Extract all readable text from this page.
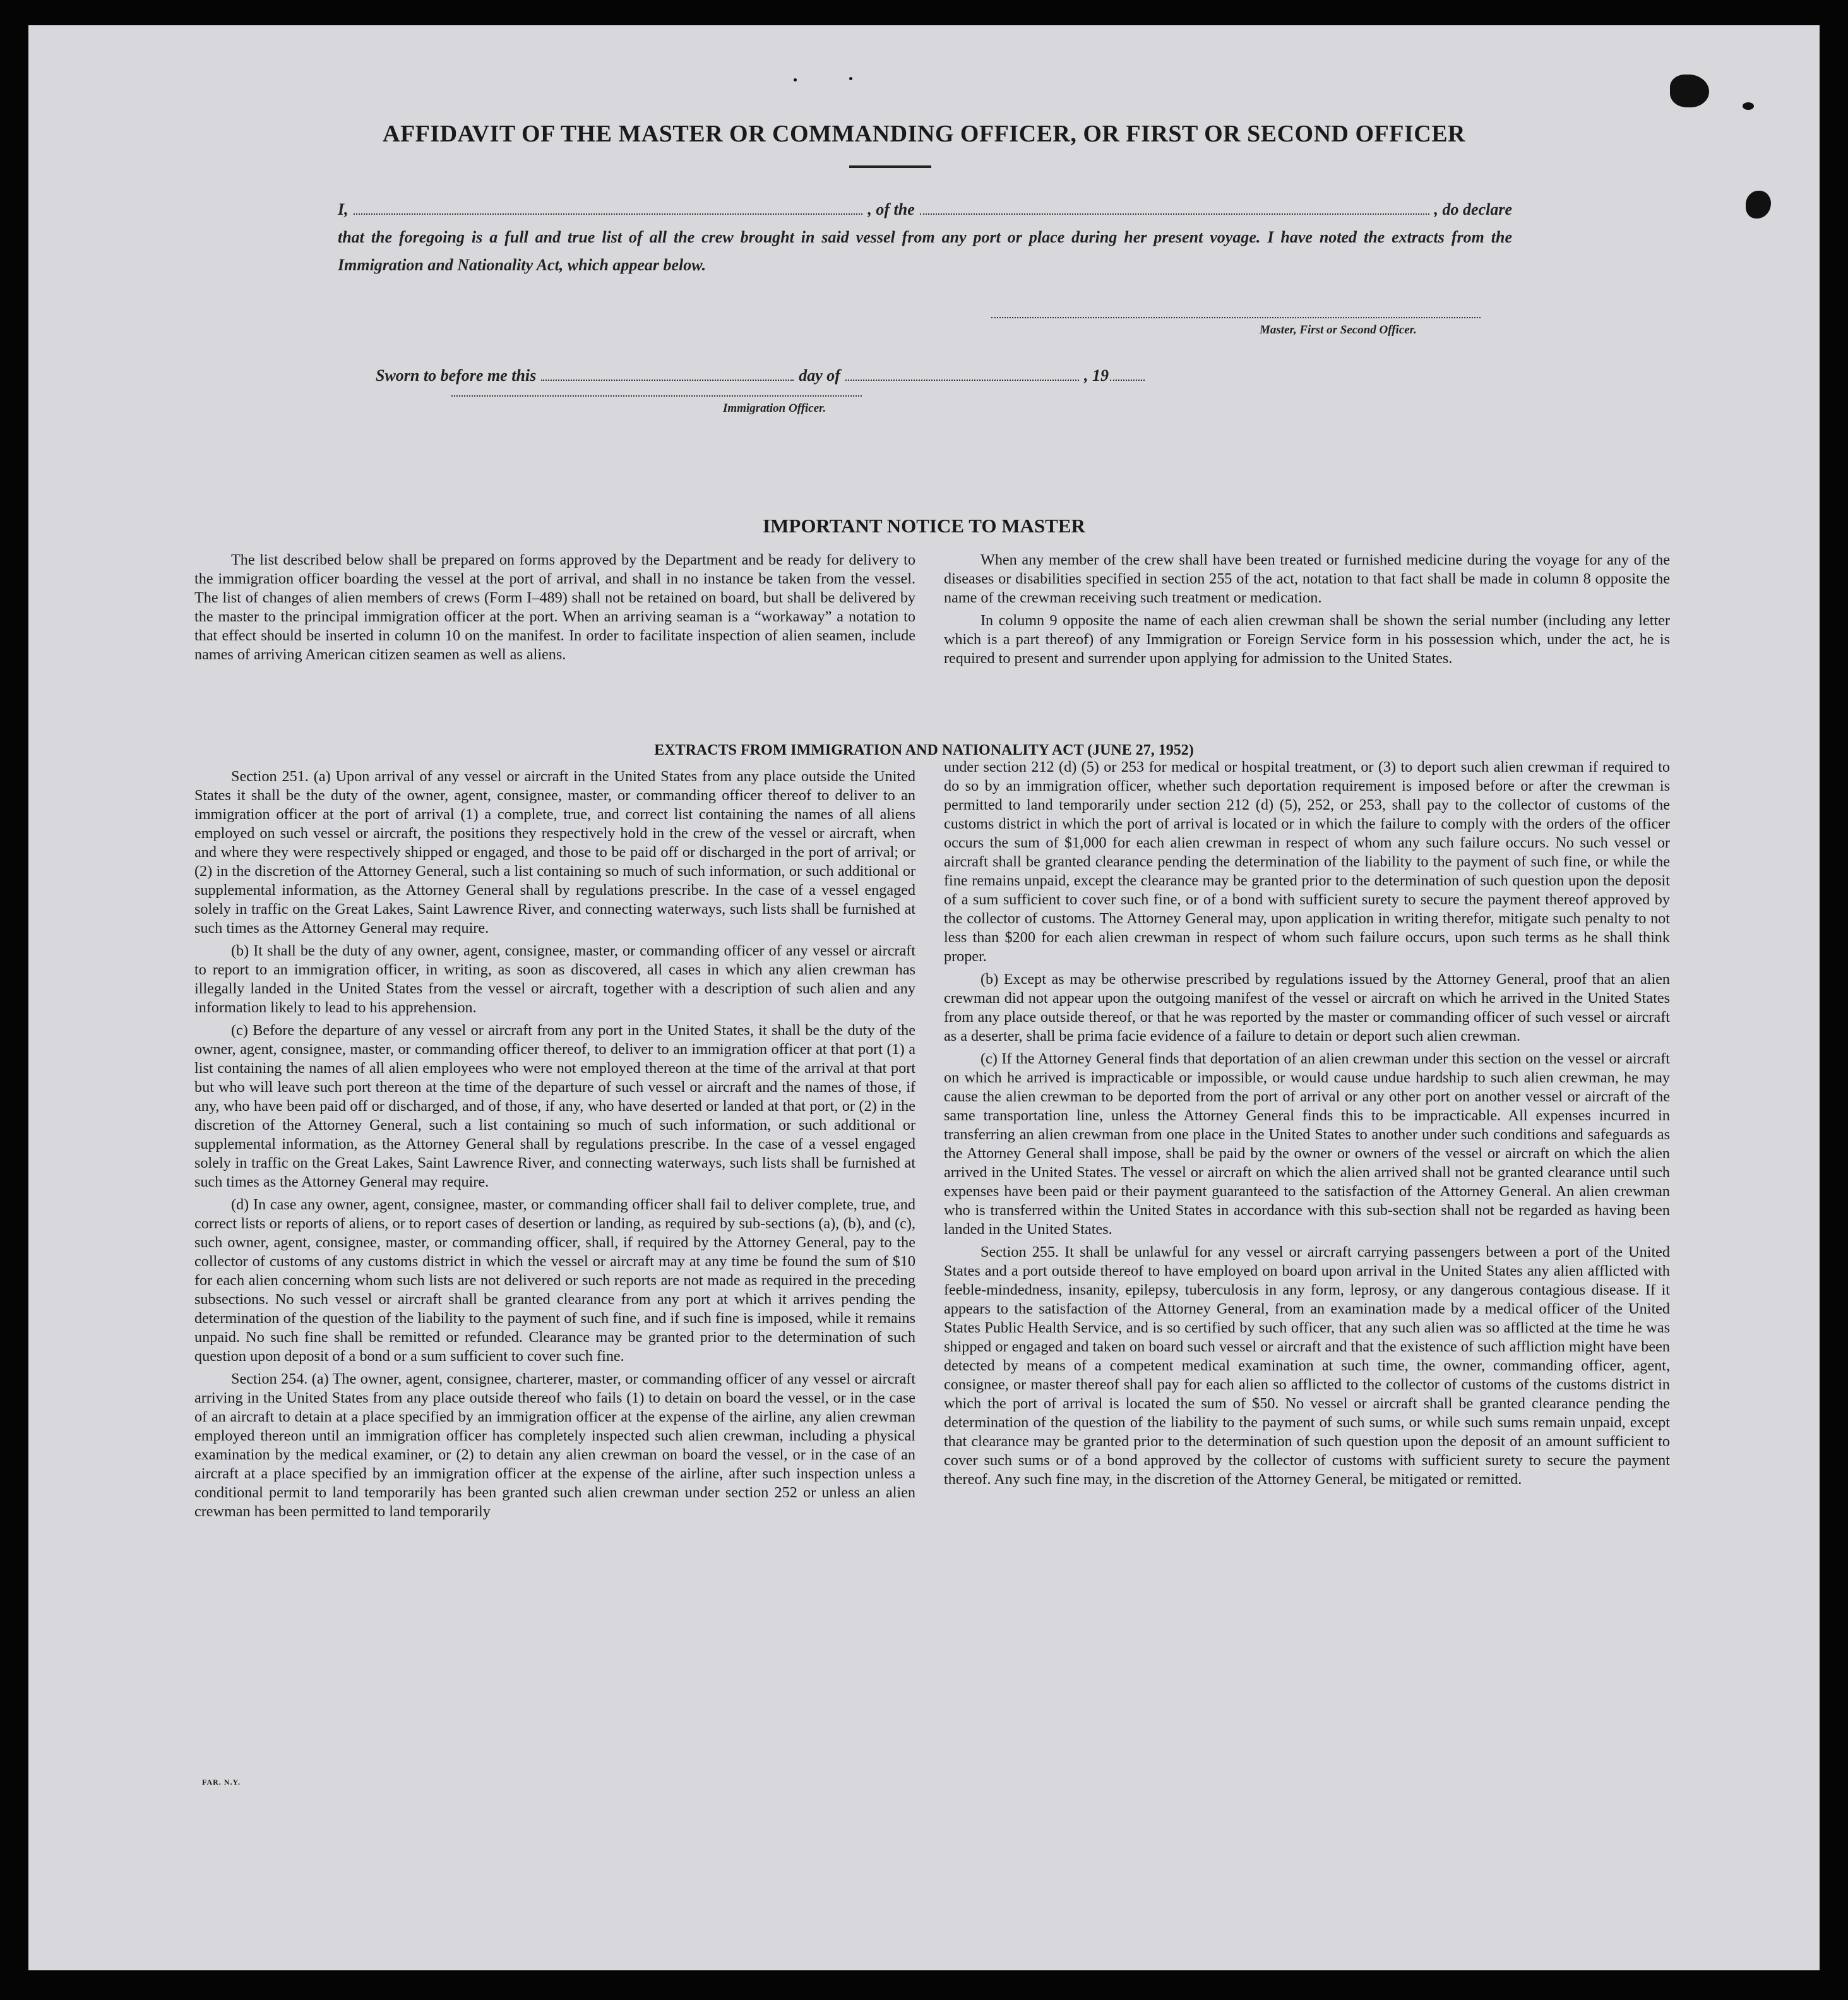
AFFIDAVIT OF THE MASTER OR COMMANDING OFFICER, OR FIRST OR SECOND OFFICER
I,	, of the	, do declare
that the foregoing is a full and true list of all the crew brought in said vessel from any port or place during her present voyage. I have noted the extracts from the Immigration and Nationality Act, which appear below.
Master, First or Second Officer.
Sworn to before me this	day of	, 19
Immigration Officer.
IMPORTANT NOTICE TO MASTER

The list described below shall be prepared on forms approved by the Department and be ready for delivery to the immigration officer boarding the vessel at the port of arrival, and shall in no instance be taken from the vessel. The list of changes of alien members of crews (Form I–489) shall not be retained on board, but shall be delivered by the master to the principal immigration officer at the port. When an arriving seaman is a “workaway” a notation to that effect should be inserted in column 10 on the manifest. In order to facilitate inspection of alien seamen, include names of arriving American citizen seamen as well as aliens.

When any member of the crew shall have been treated or furnished medicine during the voyage for any of the diseases or disabilities specified in section 255 of the act, notation to that fact shall be made in column 8 opposite the name of the crewman receiving such treatment or medication.

In column 9 opposite the name of each alien crewman shall be shown the serial number (including any letter which is a part thereof) of any Immigration or Foreign Service form in his possession which, under the act, he is required to present and surrender upon applying for admission to the United States.

EXTRACTS FROM IMMIGRATION AND NATIONALITY ACT (JUNE 27, 1952)

Section 251. (a) Upon arrival of any vessel or aircraft in the United States from any place outside the United States it shall be the duty of the owner, agent, consignee, master, or commanding officer thereof to deliver to an immigration officer at the port of arrival (1) a complete, true, and correct list containing the names of all aliens employed on such vessel or aircraft, the positions they respectively hold in the crew of the vessel or aircraft, when and where they were respectively shipped or engaged, and those to be paid off or discharged in the port of arrival; or (2) in the discretion of the Attorney General, such a list containing so much of such information, or such additional or supplemental information, as the Attorney General shall by regulations prescribe. In the case of a vessel engaged solely in traffic on the Great Lakes, Saint Lawrence River, and connecting waterways, such lists shall be furnished at such times as the Attorney General may require.

(b) It shall be the duty of any owner, agent, consignee, master, or commanding officer of any vessel or aircraft to report to an immigration officer, in writing, as soon as discovered, all cases in which any alien crewman has illegally landed in the United States from the vessel or aircraft, together with a description of such alien and any information likely to lead to his apprehension.

(c) Before the departure of any vessel or aircraft from any port in the United States, it shall be the duty of the owner, agent, consignee, master, or commanding officer thereof, to deliver to an immigration officer at that port (1) a list containing the names of all alien employees who were not employed thereon at the time of the arrival at that port but who will leave such port thereon at the time of the departure of such vessel or aircraft and the names of those, if any, who have been paid off or discharged, and of those, if any, who have deserted or landed at that port, or (2) in the discretion of the Attorney General, such a list containing so much of such information, or such additional or supplemental information, as the Attorney General shall by regulations prescribe. In the case of a vessel engaged solely in traffic on the Great Lakes, Saint Lawrence River, and connecting waterways, such lists shall be furnished at such times as the Attorney General may require.

(d) In case any owner, agent, consignee, master, or commanding officer shall fail to deliver complete, true, and correct lists or reports of aliens, or to report cases of desertion or landing, as required by sub-sections (a), (b), and (c), such owner, agent, consignee, master, or commanding officer, shall, if required by the Attorney General, pay to the collector of customs of any customs district in which the vessel or aircraft may at any time be found the sum of $10 for each alien concerning whom such lists are not delivered or such reports are not made as required in the preceding subsections. No such vessel or aircraft shall be granted clearance from any port at which it arrives pending the determination of the question of the liability to the payment of such fine, and if such fine is imposed, while it remains unpaid. No such fine shall be remitted or refunded. Clearance may be granted prior to the determination of such question upon deposit of a bond or a sum sufficient to cover such fine.

Section 254. (a) The owner, agent, consignee, charterer, master, or commanding officer of any vessel or aircraft arriving in the United States from any place outside thereof who fails (1) to detain on board the vessel, or in the case of an aircraft to detain at a place specified by an immigration officer at the expense of the airline, any alien crewman employed thereon until an immigration officer has completely inspected such alien crewman, including a physical examination by the medical examiner, or (2) to detain any alien crewman on board the vessel, or in the case of an aircraft at a place specified by an immigration officer at the expense of the airline, after such inspection unless a conditional permit to land temporarily has been granted such alien crewman under section 252 or unless an alien crewman has been permitted to land temporarily

under section 212 (d) (5) or 253 for medical or hospital treatment, or (3) to deport such alien crewman if required to do so by an immigration officer, whether such deportation requirement is imposed before or after the crewman is permitted to land temporarily under section 212 (d) (5), 252, or 253, shall pay to the collector of customs of the customs district in which the port of arrival is located or in which the failure to comply with the orders of the officer occurs the sum of $1,000 for each alien crewman in respect of whom any such failure occurs. No such vessel or aircraft shall be granted clearance pending the determination of the liability to the payment of such fine, or while the fine remains unpaid, except the clearance may be granted prior to the determination of such question upon the deposit of a sum sufficient to cover such fine, or of a bond with sufficient surety to secure the payment thereof approved by the collector of customs. The Attorney General may, upon application in writing therefor, mitigate such penalty to not less than $200 for each alien crewman in respect of whom such failure occurs, upon such terms as he shall think proper.

(b) Except as may be otherwise prescribed by regulations issued by the Attorney General, proof that an alien crewman did not appear upon the outgoing manifest of the vessel or aircraft on which he arrived in the United States from any place outside thereof, or that he was reported by the master or commanding officer of such vessel or aircraft as a deserter, shall be prima facie evidence of a failure to detain or deport such alien crewman.

(c) If the Attorney General finds that deportation of an alien crewman under this section on the vessel or aircraft on which he arrived is impracticable or impossible, or would cause undue hardship to such alien crewman, he may cause the alien crewman to be deported from the port of arrival or any other port on another vessel or aircraft of the same transportation line, unless the Attorney General finds this to be impracticable. All expenses incurred in transferring an alien crewman from one place in the United States to another under such conditions and safeguards as the Attorney General shall impose, shall be paid by the owner or owners of the vessel or aircraft on which the alien arrived in the United States. The vessel or aircraft on which the alien arrived shall not be granted clearance until such expenses have been paid or their payment guaranteed to the satisfaction of the Attorney General. An alien crewman who is transferred within the United States in accordance with this sub-section shall not be regarded as having been landed in the United States.

Section 255. It shall be unlawful for any vessel or aircraft carrying passengers between a port of the United States and a port outside thereof to have employed on board upon arrival in the United States any alien afflicted with feeble-mindedness, insanity, epilepsy, tuberculosis in any form, leprosy, or any dangerous contagious disease. If it appears to the satisfaction of the Attorney General, from an examination made by a medical officer of the United States Public Health Service, and is so certified by such officer, that any such alien was so afflicted at the time he was shipped or engaged and taken on board such vessel or aircraft and that the existence of such affliction might have been detected by means of a competent medical examination at such time, the owner, commanding officer, agent, consignee, or master thereof shall pay for each alien so afflicted to the collector of customs of the customs district in which the port of arrival is located the sum of $50. No vessel or aircraft shall be granted clearance pending the determination of the question of the liability to the payment of such sums, or while such sums remain unpaid, except that clearance may be granted prior to the determination of such question upon the deposit of an amount sufficient to cover such sums or of a bond approved by the collector of customs with sufficient surety to secure the payment thereof. Any such fine may, in the discretion of the Attorney General, be mitigated or remitted.

FAR. N.Y.
